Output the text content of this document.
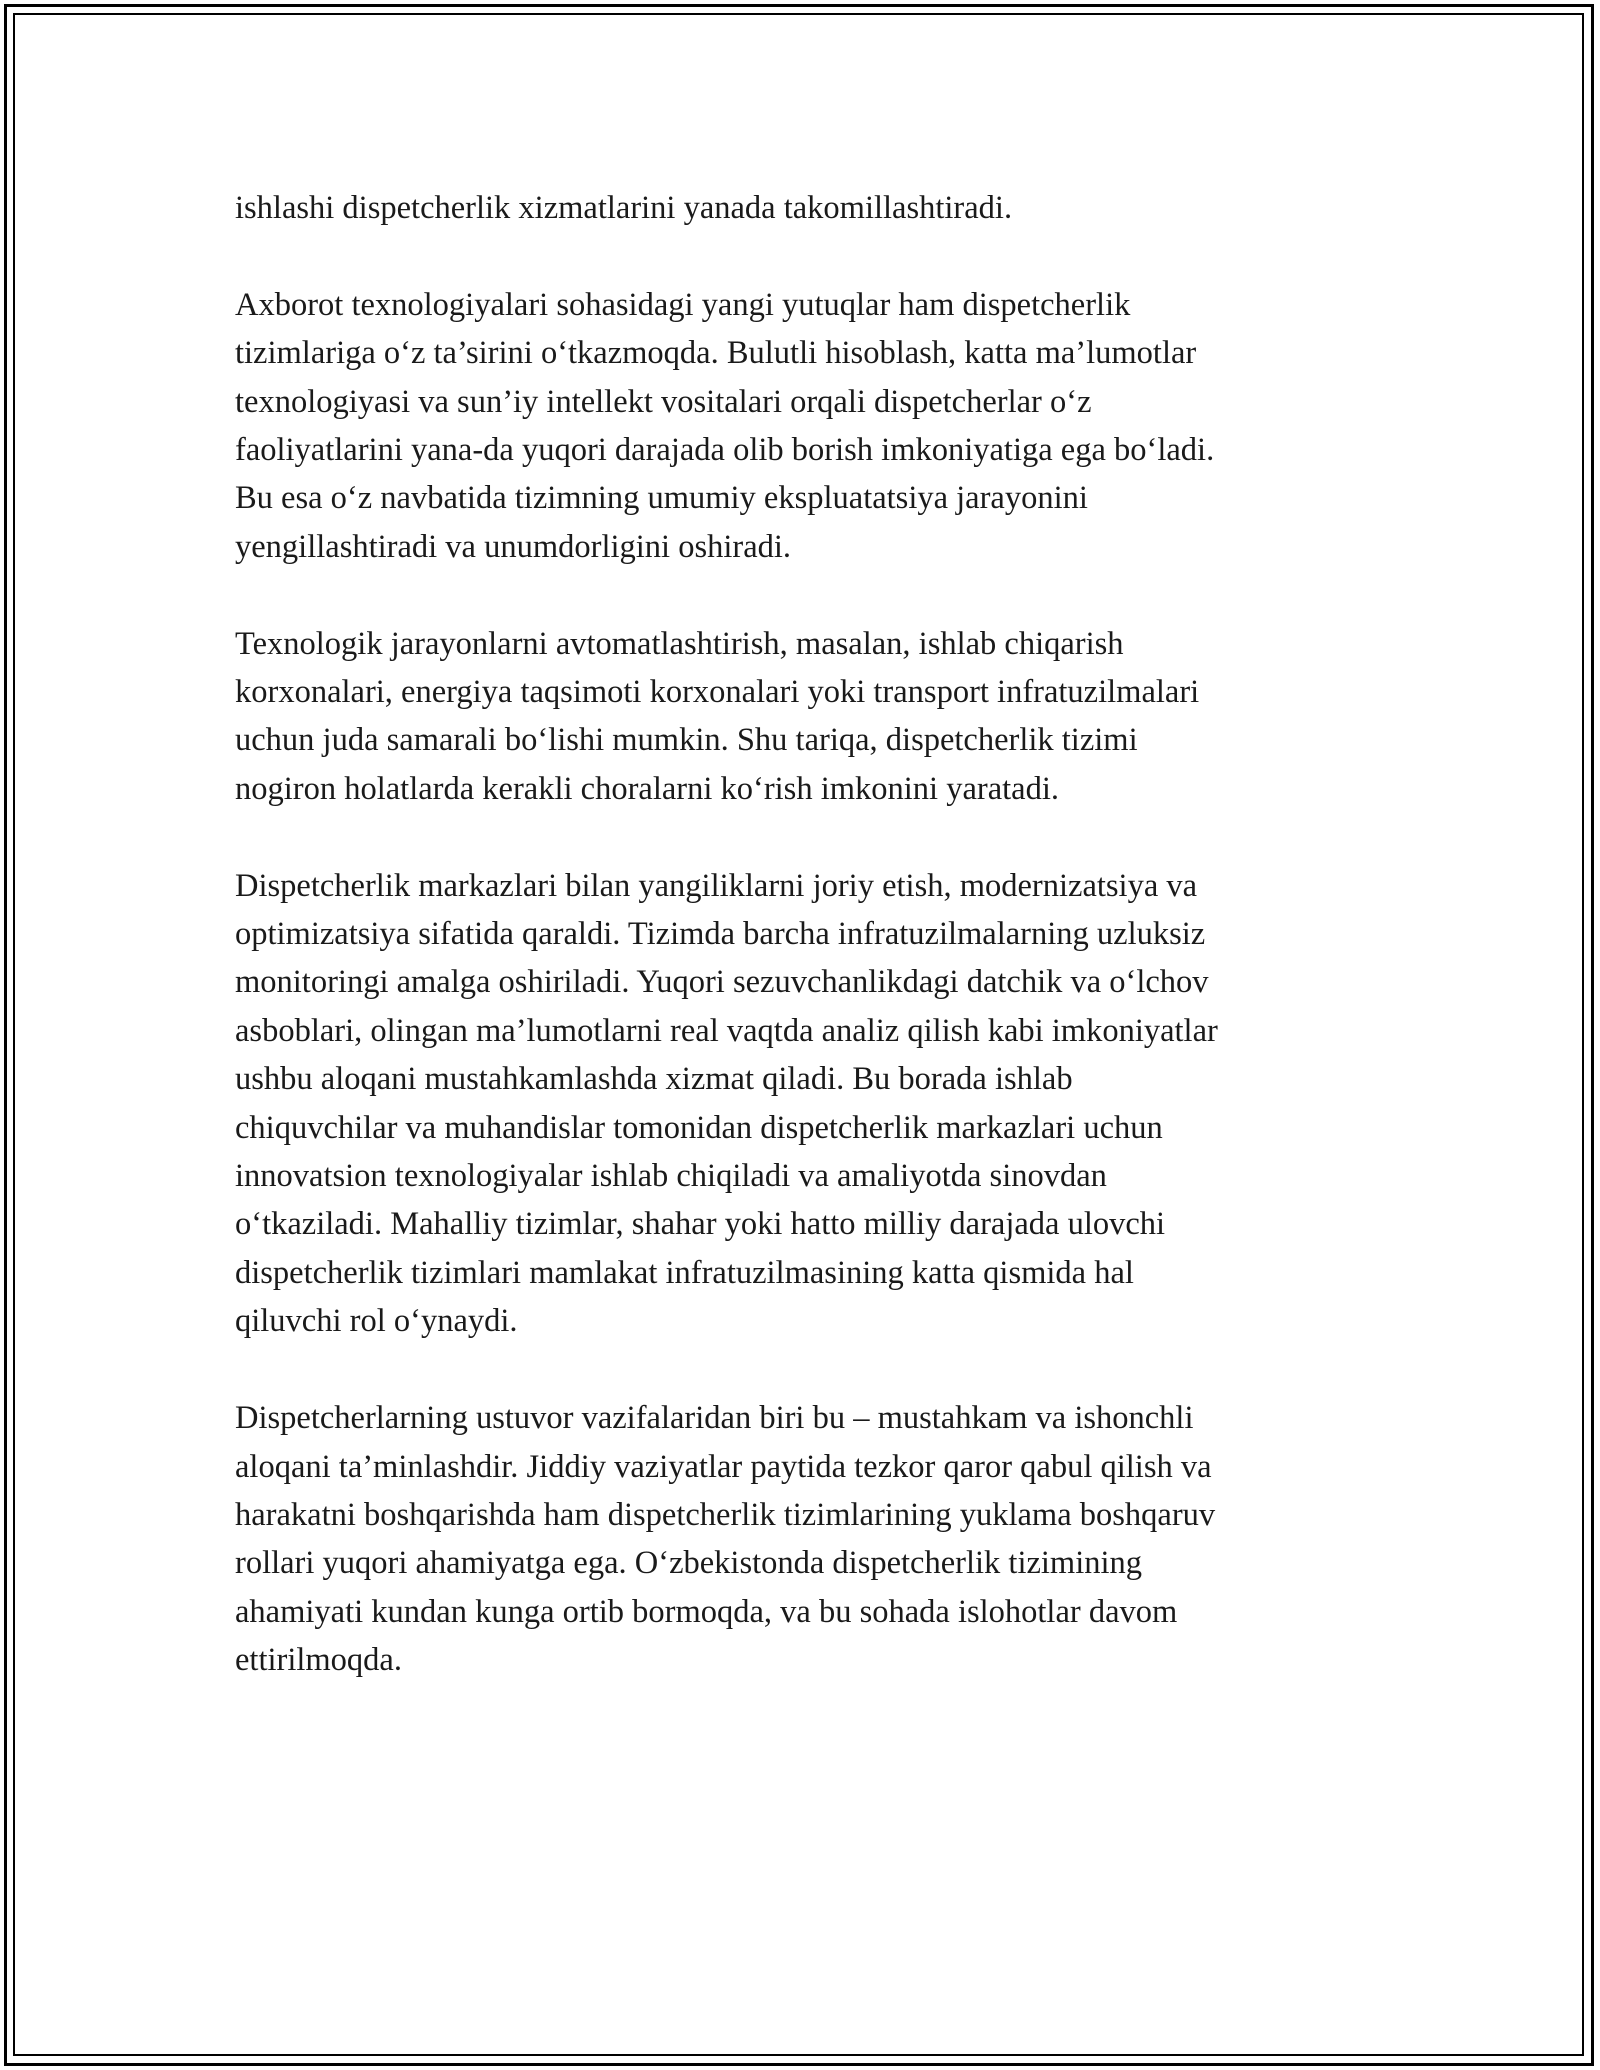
ishlashi dispetcherlik xizmatlarini yanada takomillashtiradi.

Axborot texnologiyalari sohasidagi yangi yutuqlar ham dispetcherlik
tizimlariga o‘z ta’sirini o‘tkazmoqda. Bulutli hisoblash, katta ma’lumotlar
texnologiyasi va sun’iy intellekt vositalari orqali dispetcherlar o‘z
faoliyatlarini yana-da yuqori darajada olib borish imkoniyatiga ega bo‘ladi.
Bu esa o‘z navbatida tizimning umumiy ekspluatatsiya jarayonini
yengillashtiradi va unumdorligini oshiradi.

Texnologik jarayonlarni avtomatlashtirish, masalan, ishlab chiqarish
korxonalari, energiya taqsimoti korxonalari yoki transport infratuzilmalari
uchun juda samarali bo‘lishi mumkin. Shu tariqa, dispetcherlik tizimi
nogiron holatlarda kerakli choralarni ko‘rish imkonini yaratadi.

Dispetcherlik markazlari bilan yangiliklarni joriy etish, modernizatsiya va
optimizatsiya sifatida qaraldi. Tizimda barcha infratuzilmalarning uzluksiz
monitoringi amalga oshiriladi. Yuqori sezuvchanlikdagi datchik va o‘lchov
asboblari, olingan ma’lumotlarni real vaqtda analiz qilish kabi imkoniyatlar
ushbu aloqani mustahkamlashda xizmat qiladi. Bu borada ishlab
chiquvchilar va muhandislar tomonidan dispetcherlik markazlari uchun
innovatsion texnologiyalar ishlab chiqiladi va amaliyotda sinovdan
o‘tkaziladi. Mahalliy tizimlar, shahar yoki hatto milliy darajada ulovchi
dispetcherlik tizimlari mamlakat infratuzilmasining katta qismida hal
qiluvchi rol o‘ynaydi.

Dispetcherlarning ustuvor vazifalaridan biri bu – mustahkam va ishonchli
aloqani ta’minlashdir. Jiddiy vaziyatlar paytida tezkor qaror qabul qilish va
harakatni boshqarishda ham dispetcherlik tizimlarining yuklama boshqaruv
rollari yuqori ahamiyatga ega. O‘zbekistonda dispetcherlik tizimining
ahamiyati kundan kunga ortib bormoqda, va bu sohada islohotlar davom
ettirilmoqda.
